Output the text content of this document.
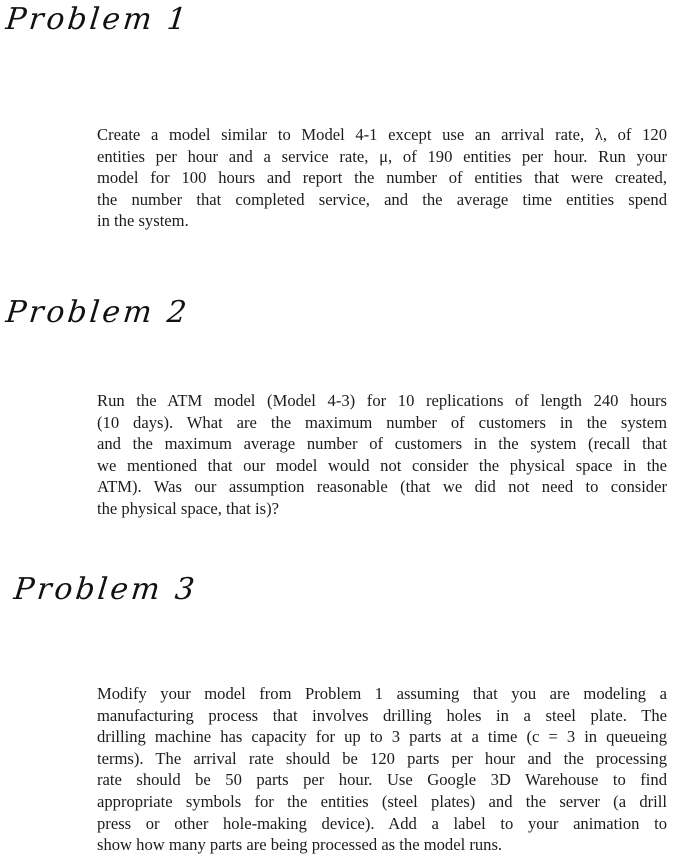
Problem 1
Create a model similar to Model 4-1 except use an arrival rate, λ, of 120
entities per hour and a service rate, μ, of 190 entities per hour. Run your
model for 100 hours and report the number of entities that were created,
the number that completed service, and the average time entities spend
in the system.
Problem 2
Run the ATM model (Model 4-3) for 10 replications of length 240 hours
(10 days). What are the maximum number of customers in the system
and the maximum average number of customers in the system (recall that
we mentioned that our model would not consider the physical space in the
ATM). Was our assumption reasonable (that we did not need to consider
the physical space, that is)?
Problem 3
Modify your model from Problem 1 assuming that you are modeling a
manufacturing process that involves drilling holes in a steel plate. The
drilling machine has capacity for up to 3 parts at a time (c = 3 in queueing
terms). The arrival rate should be 120 parts per hour and the processing
rate should be 50 parts per hour. Use Google 3D Warehouse to find
appropriate symbols for the entities (steel plates) and the server (a drill
press or other hole-making device). Add a label to your animation to
show how many parts are being processed as the model runs.
